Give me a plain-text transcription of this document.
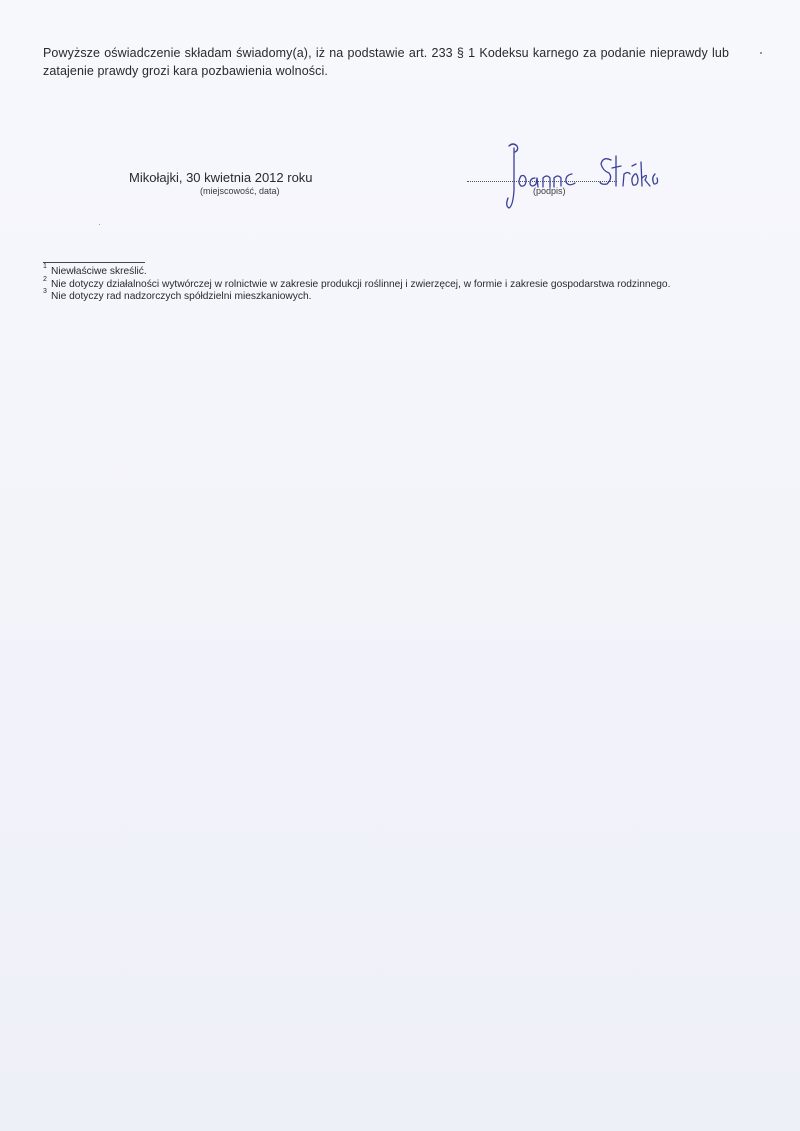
Powyższe oświadczenie składam świadomy(a), iż na podstawie art. 233 § 1 Kodeksu karnego za podanie nieprawdy lub zatajenie prawdy grozi kara pozbawienia wolności.
Mikołajki, 30 kwietnia 2012 roku
(miejscowość, data)	(podpis)
1 Niewłaściwe skreślić.
2 Nie dotyczy działalności wytwórczej w rolnictwie w zakresie produkcji roślinnej i zwierzęcej, w formie i zakresie gospodarstwa rodzinnego.
3 Nie dotyczy rad nadzorczych spółdzielni mieszkaniowych.
